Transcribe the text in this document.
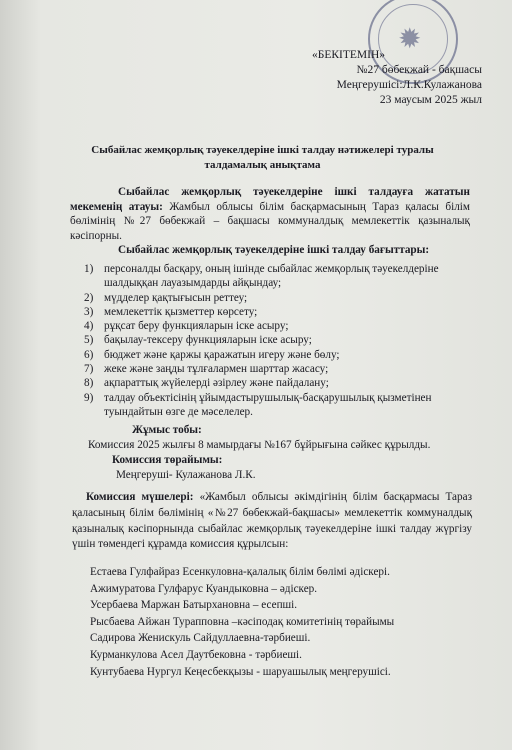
✹
«БЕКІТЕМІН»
№27 бөбекжай - бақшасы
Меңгерушісі:Л.К.Кулажанова
23 маусым 2025 жыл
Сыбайлас жемқорлық тәуекелдеріне ішкі талдау нәтижелері туралы
талдамалық анықтама
Сыбайлас жемқорлық тәуекелдеріне ішкі талдауға жататын мекеменің атауы: Жамбыл облысы білім басқармасының Тараз қаласы білім бөлімінің №27 бөбекжай – бақшасы коммуналдық мемлекеттік қазыналық кәсіпорны.
Сыбайлас жемқорлық тәуекелдеріне ішкі талдау бағыттары:
1) персоналды басқару, оның ішінде сыбайлас жемқорлық тәуекелдеріне шалдыққан лауазымдарды айқындау;
2) мүдделер қақтығысын реттеу;
3) мемлекеттік қызметтер көрсету;
4) рұқсат беру функцияларын іске асыру;
5) бақылау-тексеру функцияларын іске асыру;
6) бюджет және қаржы қаражатын игеру және бөлу;
7) жеке және заңды тұлғалармен шарттар жасасу;
8) ақпараттық жүйелерді әзірлеу және пайдалану;
9) талдау объектісінің ұйымдастырушылық-басқарушылық қызметінен туындайтын өзге де мәселелер.
Жұмыс тобы:
Комиссия 2025 жылғы 8 мамырдағы №167 бұйрығына сәйкес құрылды.
Комиссия төрайымы:
Меңгеруші- Кулажанова Л.К.
Комиссия мүшелері: «Жамбыл облысы әкімдігінің білім басқармасы Тараз қаласының білім бөлімінің «№27 бөбекжай-бақшасы» мемлекеттік коммуналдық қазыналық кәсіпорнында сыбайлас жемқорлық тәуекелдеріне ішкі талдау жүргізу үшін төмендегі құрамда комиссия құрылсын:
Естаева Гулфайраз Есенкуловна-қалалық білім бөлімі әдіскері.
Ажимуратова Гулфарус Куандыковна – әдіскер.
Усербаева Маржан Батырхановна – есепші.
Рысбаева Айжан Турапповна –кәсіподақ комитетінің төрайымы
Садирова Женискуль Сайдуллаевна-тәрбиеші.
Курманкулова Асел Даутбековна - тәрбиеші.
Кунтубаева Нургул Кеңесбекқызы - шаруашылық меңгерушісі.
